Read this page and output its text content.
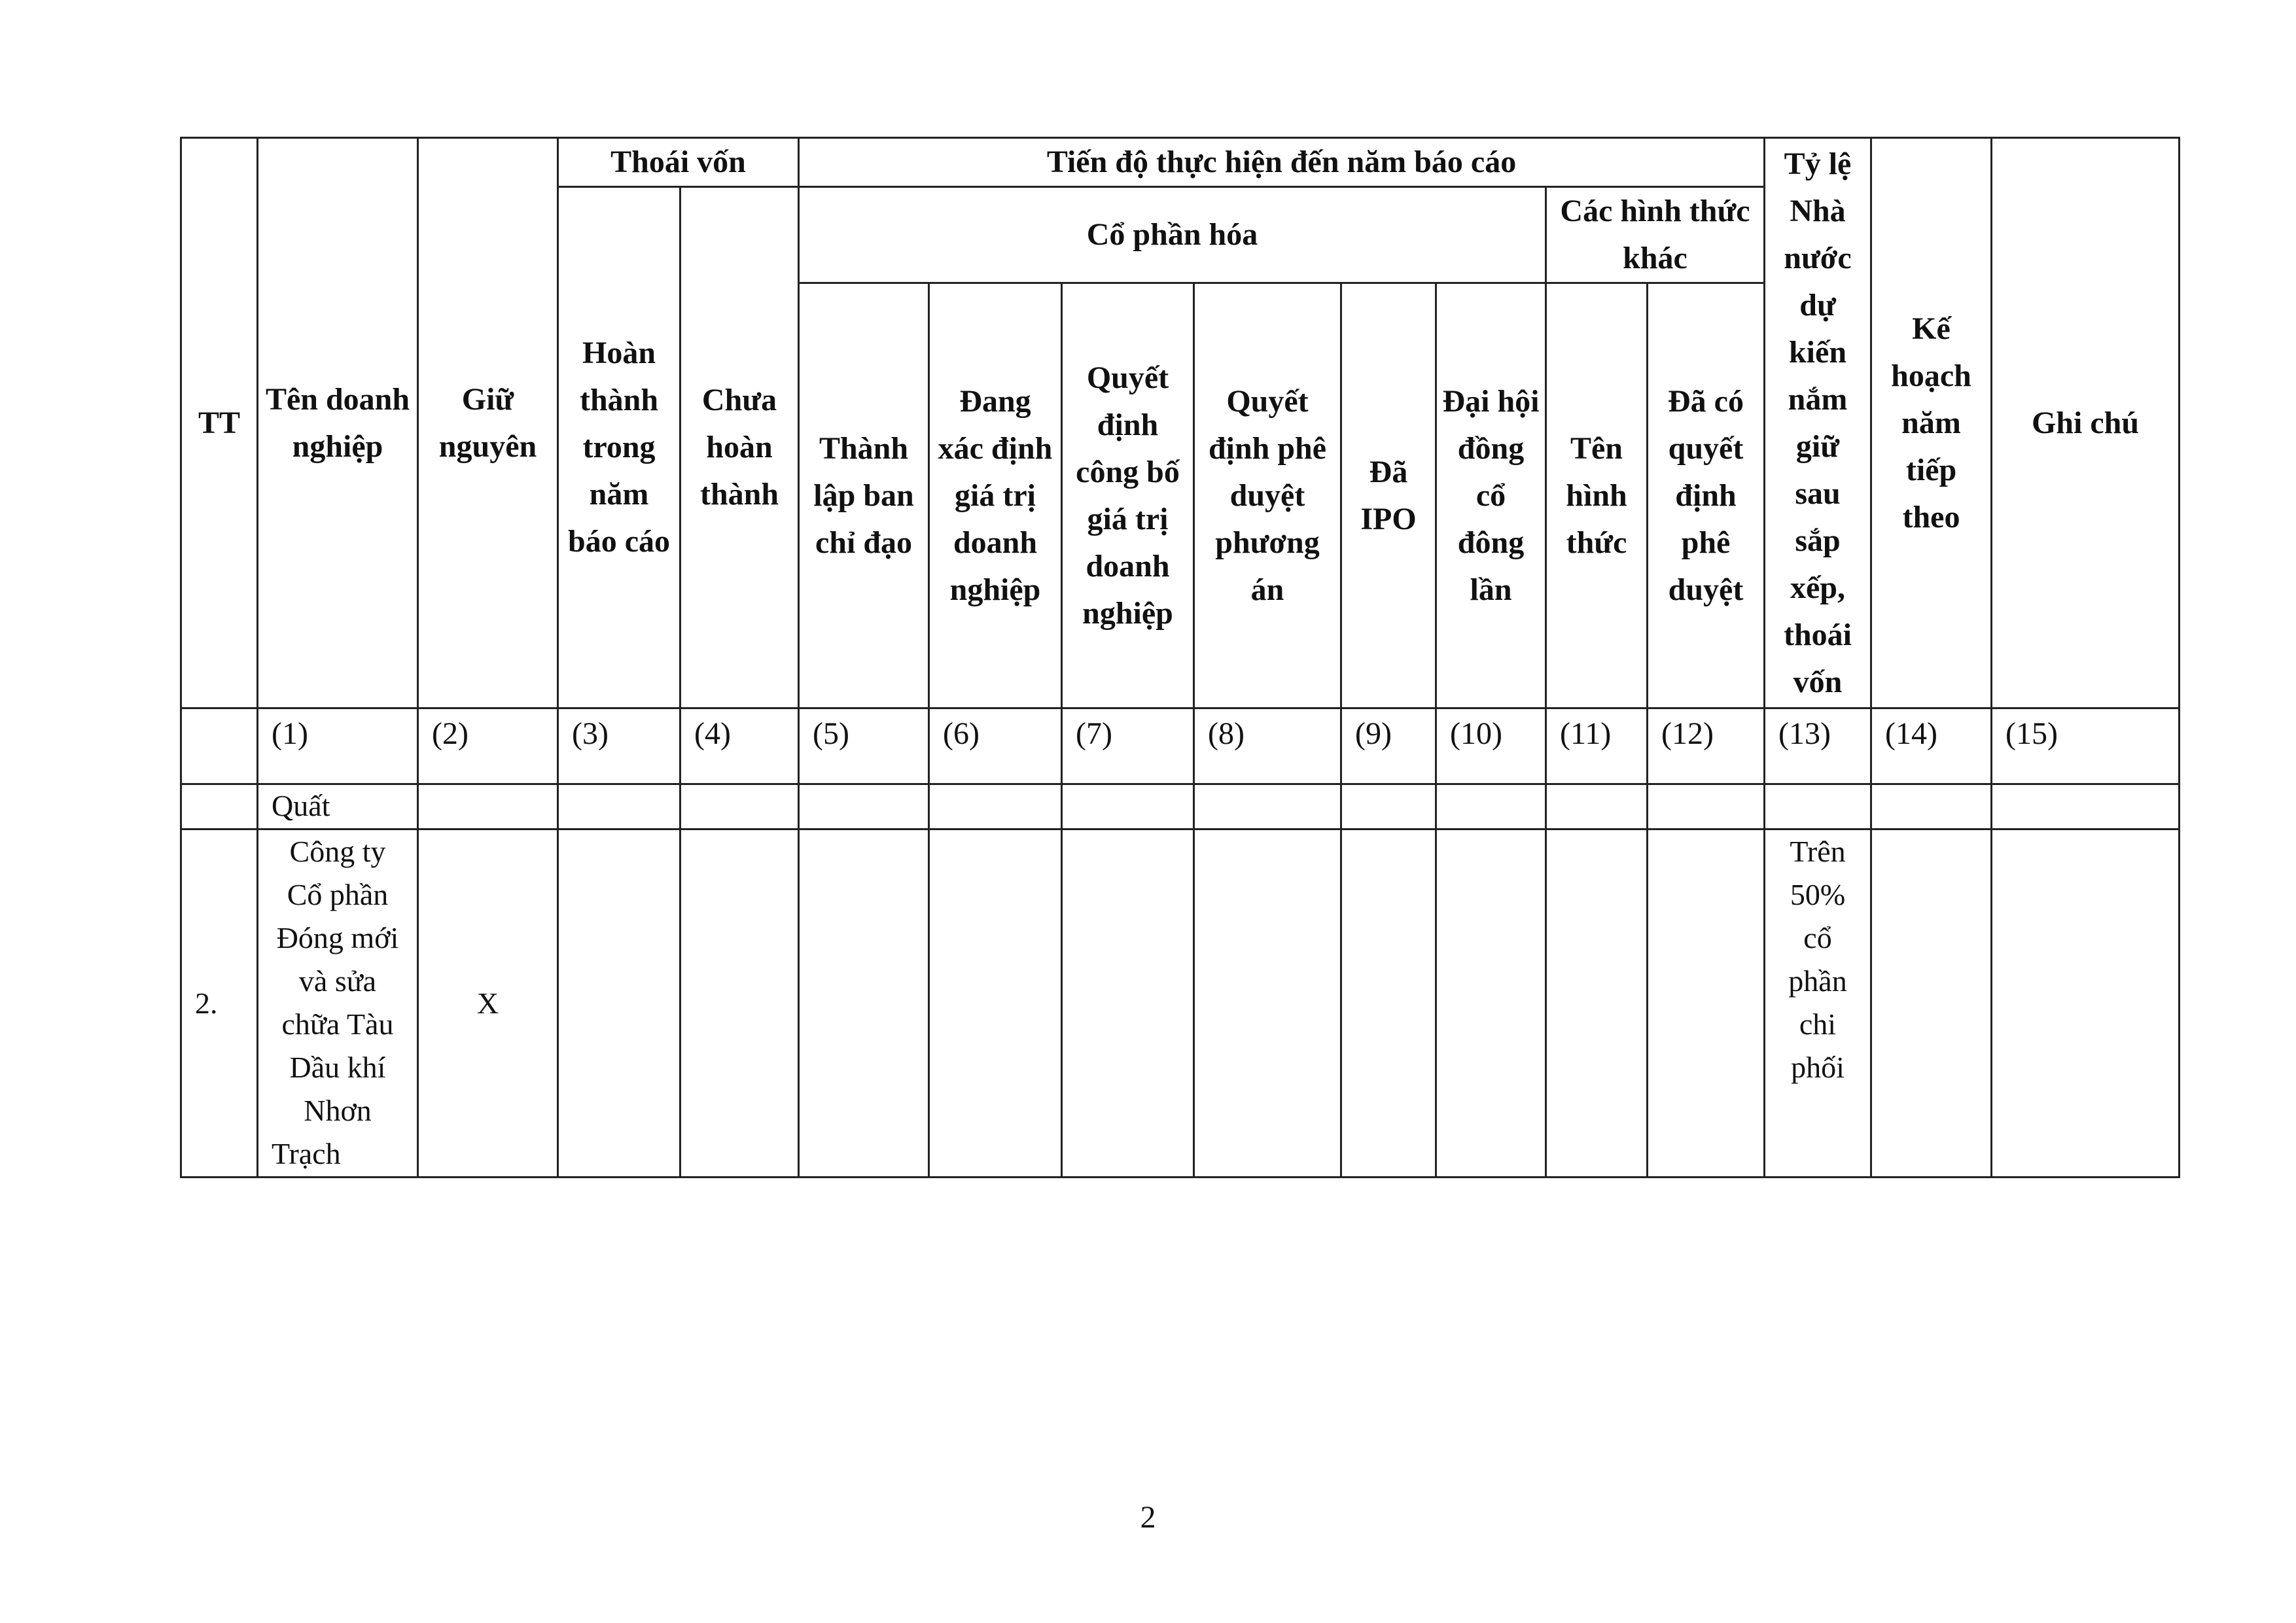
TT	Tên doanh nghiệp	Giữ nguyên	Thoái vốn		Tiến độ thực hiện đến năm báo cáo								Tỷ lệ Nhà nước dự kiến nắm giữ sau sắp xếp, thoái vốn	Kế hoạch năm tiếp theo	Ghi chú
			Hoàn thành trong năm báo cáo	Chưa hoàn thành	Cổ phần hóa						Các hình thức khác				
					Thành lập ban chỉ đạo	Đang xác định giá trị doanh nghiệp	Quyết định công bố giá trị doanh nghiệp	Quyết định phê duyệt phương án	Đã IPO	Đại hội đồng cổ đông lần	Tên hình thức	Đã có quyết định phê duyệt			
	(1)	(2)	(3)	(4)	(5)	(6)	(7)	(8)	(9)	(10)	(11)	(12)	(13)	(14)	(15)
	Quất														
2.	Công ty Cổ phần Đóng mới và sửa chữa Tàu Dầu khí Nhơn Trạch	X											Trên 50% cổ phần chi phối		
2
